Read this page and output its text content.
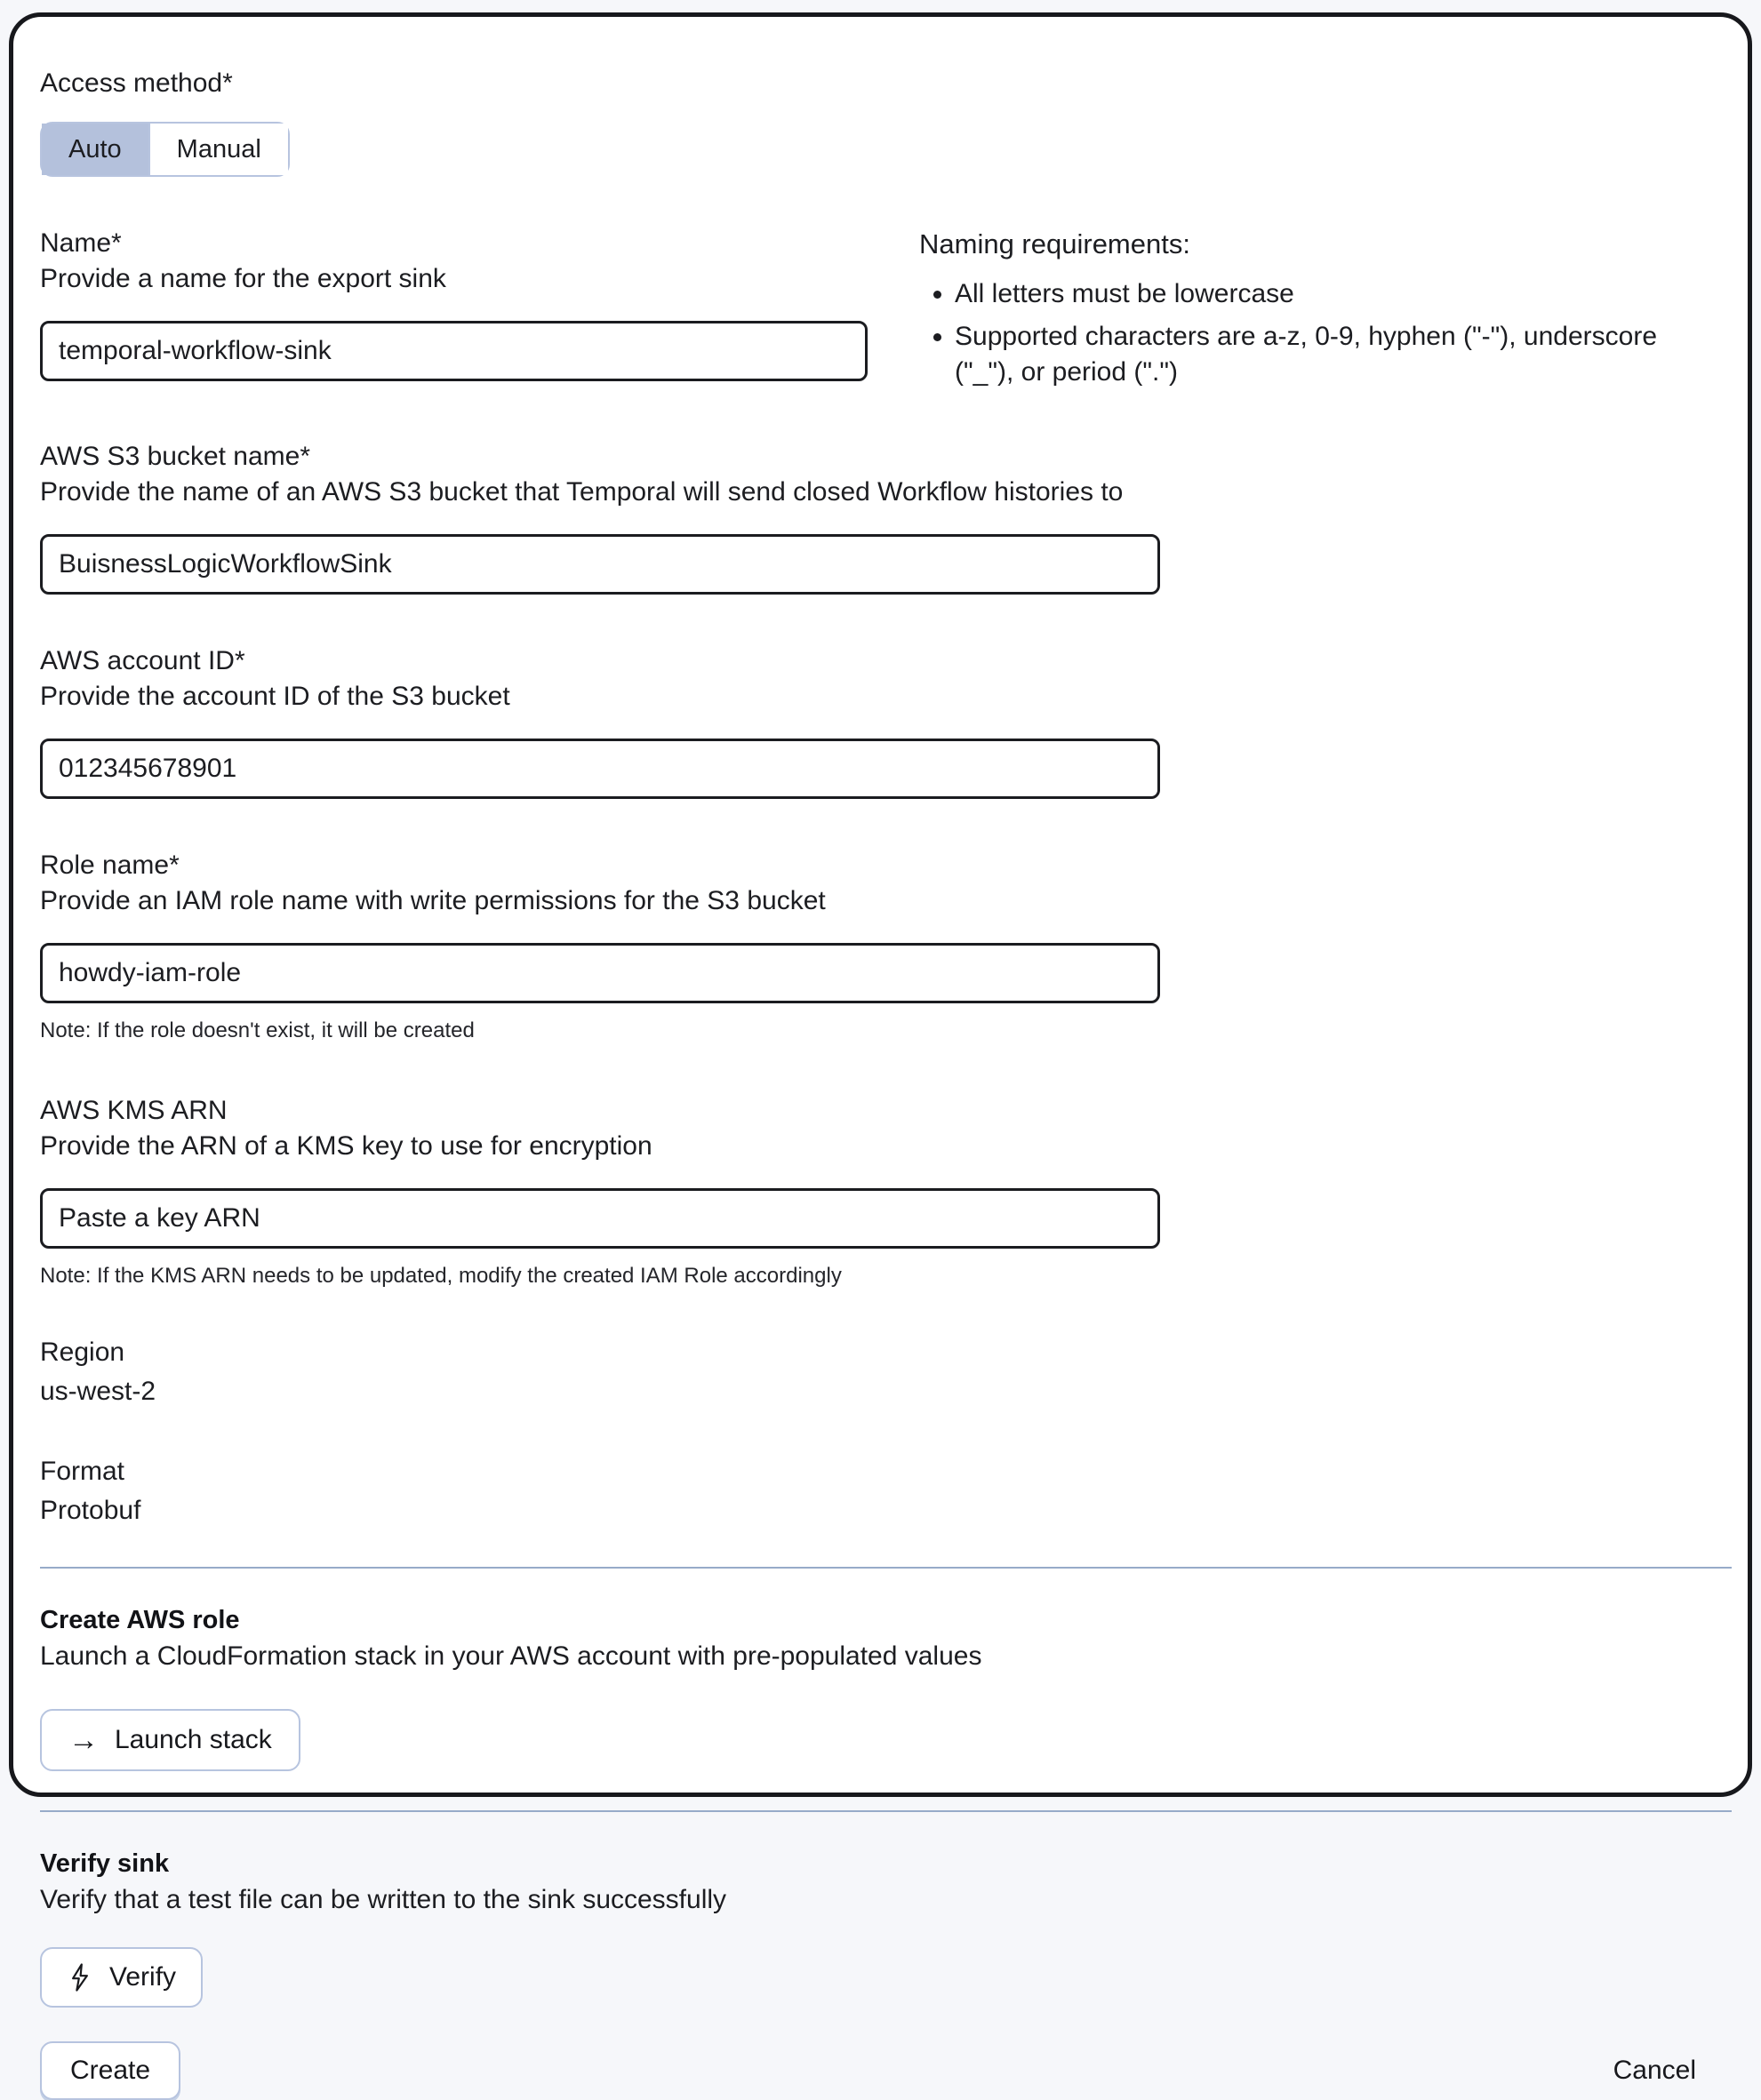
Access method*
Auto	Manual
Name*
Provide a name for the export sink
temporal-workflow-sink
Naming requirements:
• All letters must be lowercase
• Supported characters are a-z, 0-9, hyphen ("-"), underscore ("_"), or period (".")
AWS S3 bucket name*
Provide the name of an AWS S3 bucket that Temporal will send closed Workflow histories to
BuisnessLogicWorkflowSink
AWS account ID*
Provide the account ID of the S3 bucket
012345678901
Role name*
Provide an IAM role name with write permissions for the S3 bucket
howdy-iam-role
Note: If the role doesn't exist, it will be created
AWS KMS ARN
Provide the ARN of a KMS key to use for encryption
Paste a key ARN
Note: If the KMS ARN needs to be updated, modify the created IAM Role accordingly
Region
us-west-2
Format
Protobuf
Create AWS role
Launch a CloudFormation stack in your AWS account with pre-populated values
→ Launch stack
Verify sink
Verify that a test file can be written to the sink successfully
Verify
Create	Cancel
